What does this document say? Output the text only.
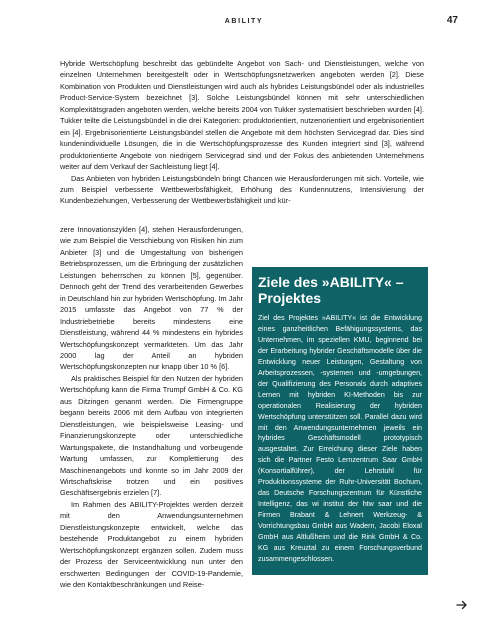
ABILITY	47

Hybride Wertschöpfung beschreibt das gebündelte Angebot von Sach- und Dienstleistungen, welche von einzelnen Unternehmen bereitgestellt oder in Wertschöpfungsnetzwerken angeboten werden [2]. Diese Kombination von Produkten und Dienstleistungen wird auch als hybrides Leistungsbündel oder als industrielles Product-Service-System bezeichnet [3]. Solche Leistungsbündel können mit sehr unterschiedlichen Komplexitätsgraden angeboten werden, welche bereits 2004 von Tukker systematisiert beschrieben wurden [4]. Tukker teilte die Leistungsbündel in die drei Kategorien: produktorientiert, nutzenorientiert und ergebnisorientiert ein [4]. Ergebnisorientierte Leistungsbündel stellen die Angebote mit dem höchsten Servicegrad dar. Dies sind kundenindividuelle Lösungen, die in die Wertschöpfungsprozesse des Kunden integriert sind [3], während produktorientierte Angebote von niedrigem Servicegrad sind und der Fokus des anbietenden Unternehmens weiter auf dem Verkauf der Sachleistung liegt [4].

Das Anbieten von hybriden Leistungsbündeln bringt Chancen wie Herausforderungen mit sich. Vorteile, wie zum Beispiel verbesserte Wettbewerbsfähigkeit, Erhöhung des Kundennutzens, Intensivierung der Kundenbeziehungen, Verbesserung der Wettbewerbsfähigkeit und kür-

zere Innovationszyklen [4], stehen Herausforderungen, wie zum Beispiel die Verschiebung von Risiken hin zum Anbieter [3] und die Umgestaltung von bisherigen Betriebsprozessen, um die Erbringung der zusätzlichen Leistungen beherrschen zu können [5], gegenüber. Dennoch geht der Trend des verarbeitenden Gewerbes in Deutschland hin zur hybriden Wertschöpfung. Im Jahr 2015 umfasste das Angebot von 77 % der Industriebetriebe bereits mindestens eine Dienstleistung, während 44 % mindestens ein hybrides Wertschöpfungskonzept vermarkteten. Um das Jahr 2000 lag der Anteil an hybriden Wertschöpfungskonzepten nur knapp über 10 % [6].

Als praktisches Beispiel für den Nutzen der hybriden Wertschöpfung kann die Firma Trumpf GmbH & Co. KG aus Ditzingen genannt werden. Die Firmengruppe begann bereits 2006 mit dem Aufbau von integrierten Dienstleistungen, wie beispielsweise Leasing- und Finanzierungskonzepte oder unterschiedliche Wartungspakete, die Instandhaltung und vorbeugende Wartung umfassen, zur Komplettierung des Maschinenangebots und konnte so im Jahr 2009 der Wirtschaftskrise trotzen und ein positives Geschäftsergebnis erzielen [7].

Im Rahmen des ABILITY-Projektes werden derzeit mit den Anwendungsunternehmen Dienstleistungskonzepte entwickelt, welche das bestehende Produktangebot zu einem hybriden Wertschöpfungskonzept ergänzen sollen. Zudem muss der Prozess der Serviceentwicklung nun unter den erschwerten Bedingungen der COVID-19-Pandemie, wie den Kontaktbeschränkungen und Reise-

Ziele des »ABILITY« – Projektes

Ziel des Projektes »ABILITY« ist die Entwicklung eines ganzheitlichen Befähigungssystems, das Unternehmen, im speziellen KMU, beginnend bei der Erarbeitung hybrider Geschäftsmodelle über die Entwicklung neuer Leistungen, Gestaltung von Arbeitsprozessen, -systemen und -umgebungen, der Qualifizierung des Personals durch adaptives Lernen mit hybriden KI-Methoden bis zur operationalen Realisierung der hybriden Wertschöpfung unterstützen soll. Parallel dazu wird mit den Anwendungsunternehmen jeweils ein hybrides Geschäftsmodell prototypisch ausgestaltet. Zur Erreichung dieser Ziele haben sich die Partner Festo Lernzentrum Saar GmbH (Konsortialführer), der Lehrstuhl für Produktionssysteme der Ruhr-Universität Bochum, das Deutsche Forschungszentrum für Künstliche Intelligenz, das wi institut der htw saar und die Firmen Brabant & Lehnert Werkzeug- & Vorrichtungsbau GmbH aus Wadern, Jacobi Eloxal GmbH aus Altlußheim und die Rink GmbH & Co. KG aus Kreuztal zu einem Forschungsverbund zusammengeschlossen.
